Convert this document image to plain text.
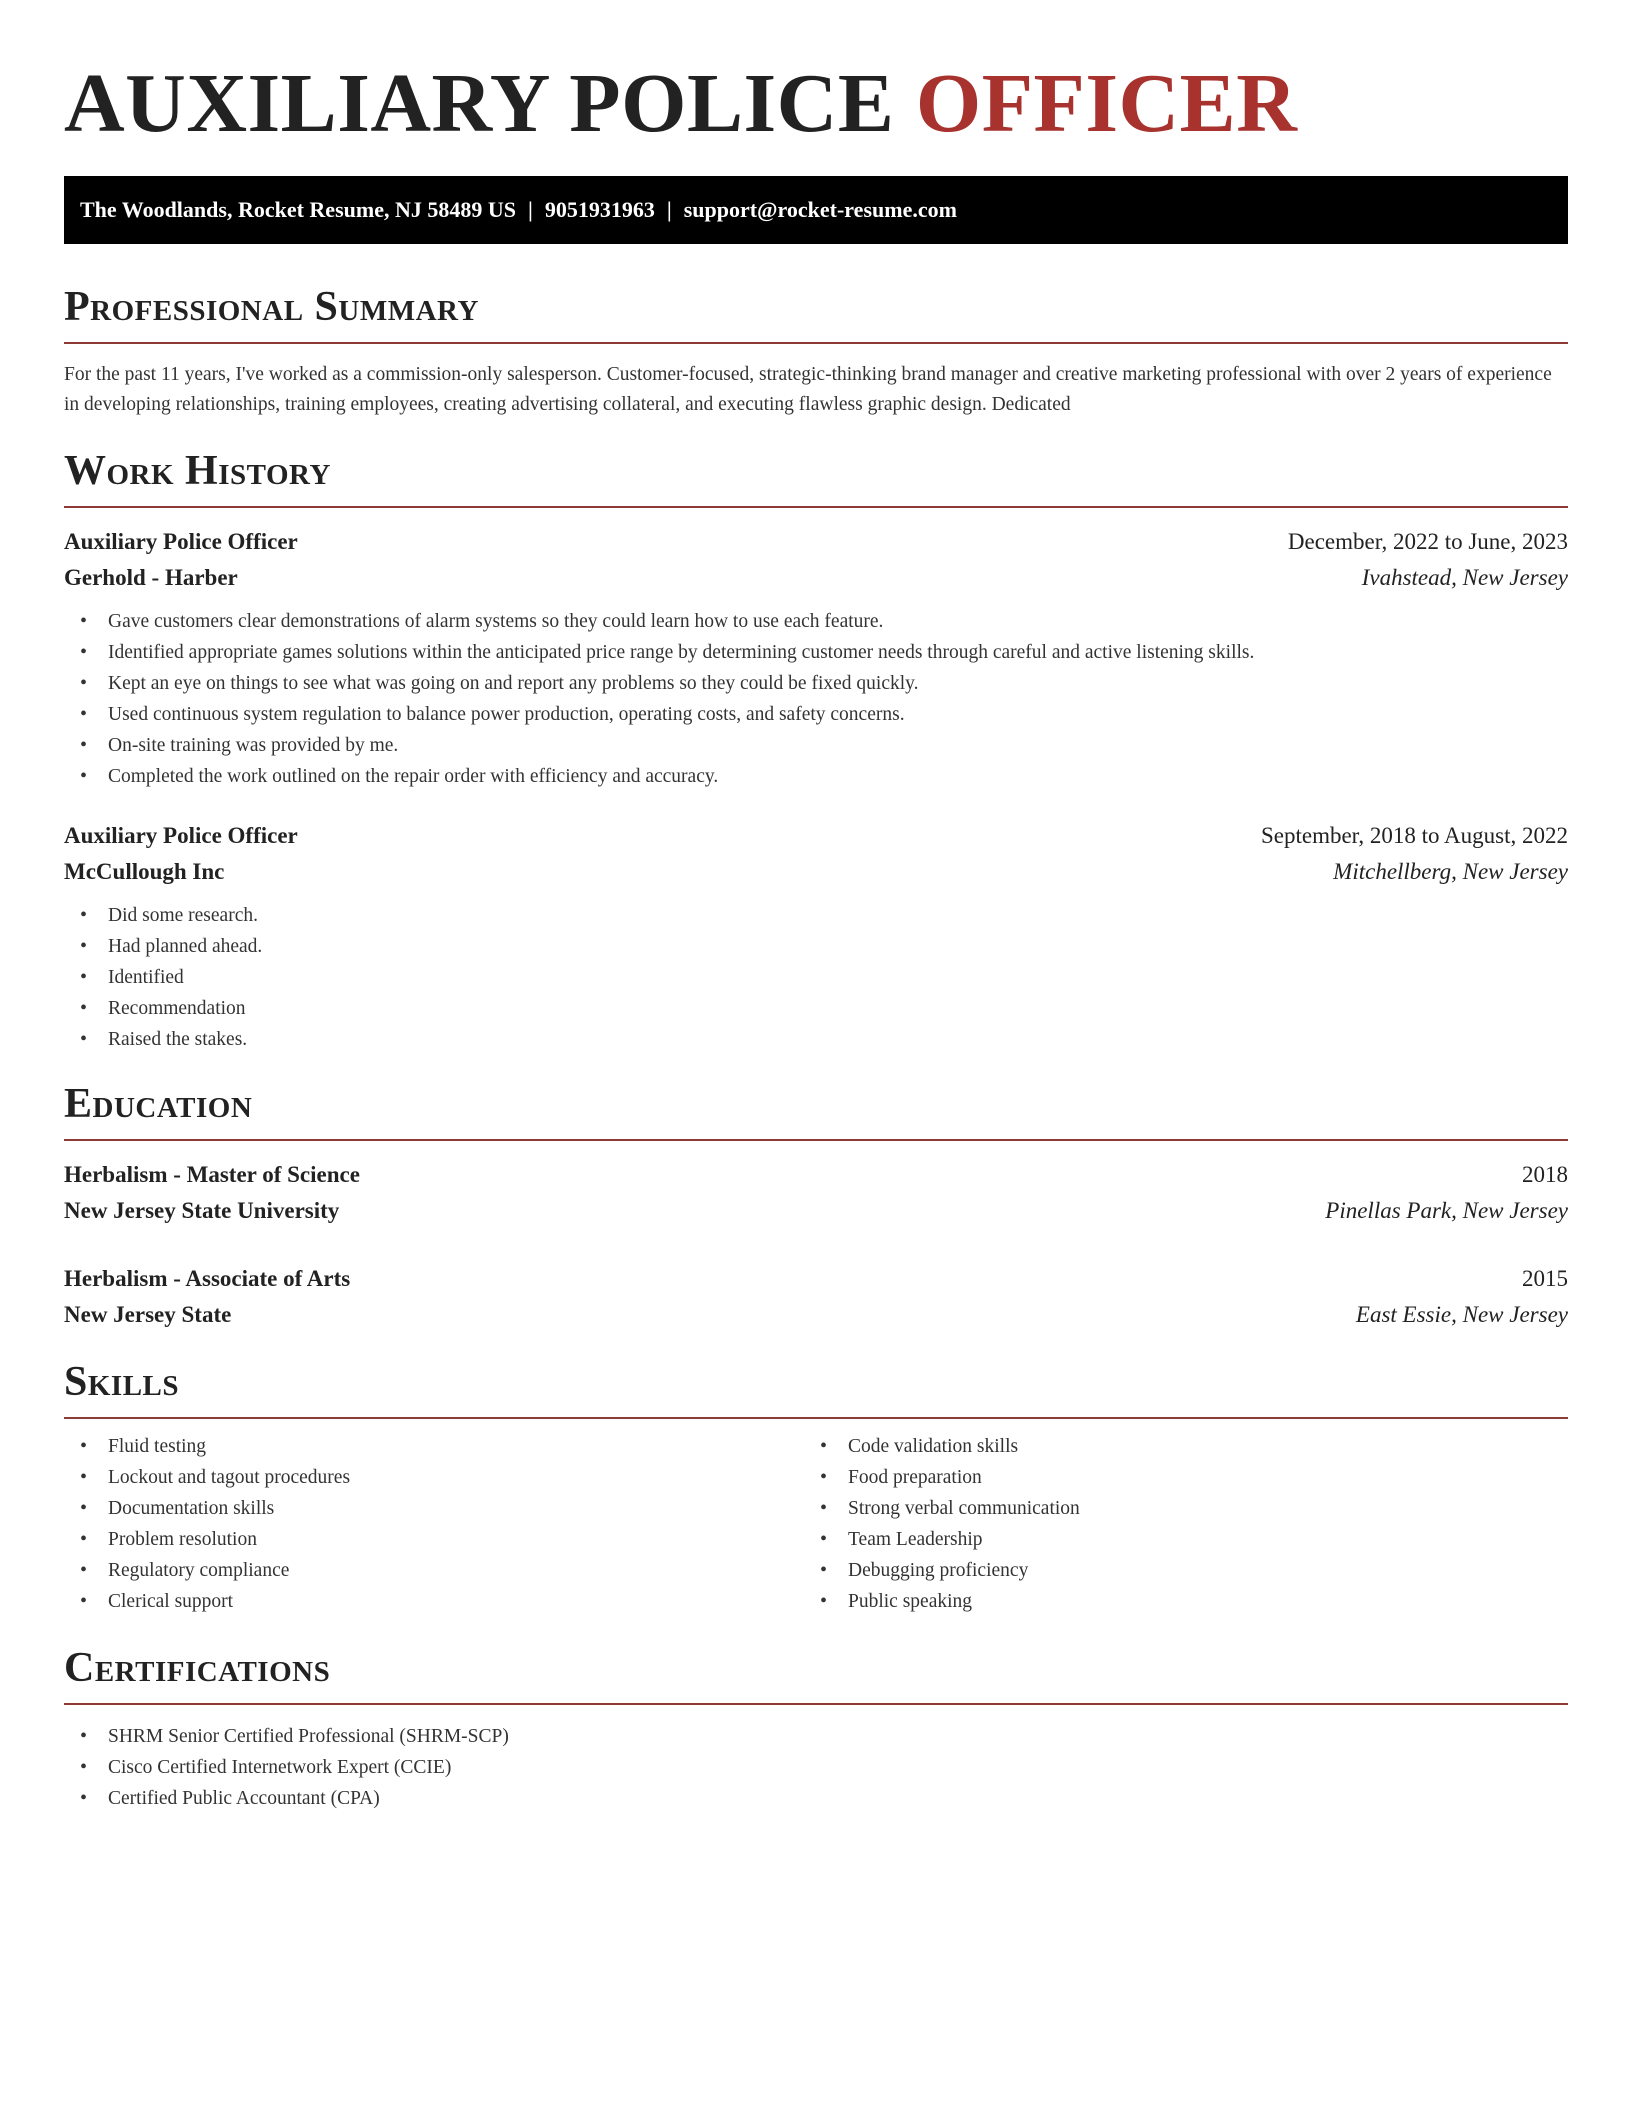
AUXILIARY POLICE OFFICER
The Woodlands, Rocket Resume, NJ 58489 US | 9051931963 | support@rocket-resume.com
Professional Summary

For the past 11 years, I've worked as a commission-only salesperson. Customer-focused, strategic-thinking brand manager and creative marketing professional with over 2 years of experience in developing relationships, training employees, creating advertising collateral, and executing flawless graphic design. Dedicated

Work History
Auxiliary Police Officer	December, 2022 to June, 2023
Gerhold - Harber	Ivahstead, New Jersey
• Gave customers clear demonstrations of alarm systems so they could learn how to use each feature.
• Identified appropriate games solutions within the anticipated price range by determining customer needs through careful and active listening skills.
• Kept an eye on things to see what was going on and report any problems so they could be fixed quickly.
• Used continuous system regulation to balance power production, operating costs, and safety concerns.
• On-site training was provided by me.
• Completed the work outlined on the repair order with efficiency and accuracy.
Auxiliary Police Officer	September, 2018 to August, 2022
McCullough Inc	Mitchellberg, New Jersey
• Did some research.
• Had planned ahead.
• Identified
• Recommendation
• Raised the stakes.
Education
Herbalism - Master of Science	2018
New Jersey State University	Pinellas Park, New Jersey
Herbalism - Associate of Arts	2015
New Jersey State	East Essie, New Jersey
Skills
• Fluid testing
• Lockout and tagout procedures
• Documentation skills
• Problem resolution
• Regulatory compliance
• Clerical support
• Code validation skills
• Food preparation
• Strong verbal communication
• Team Leadership
• Debugging proficiency
• Public speaking
Certifications
• SHRM Senior Certified Professional (SHRM-SCP)
• Cisco Certified Internetwork Expert (CCIE)
• Certified Public Accountant (CPA)
